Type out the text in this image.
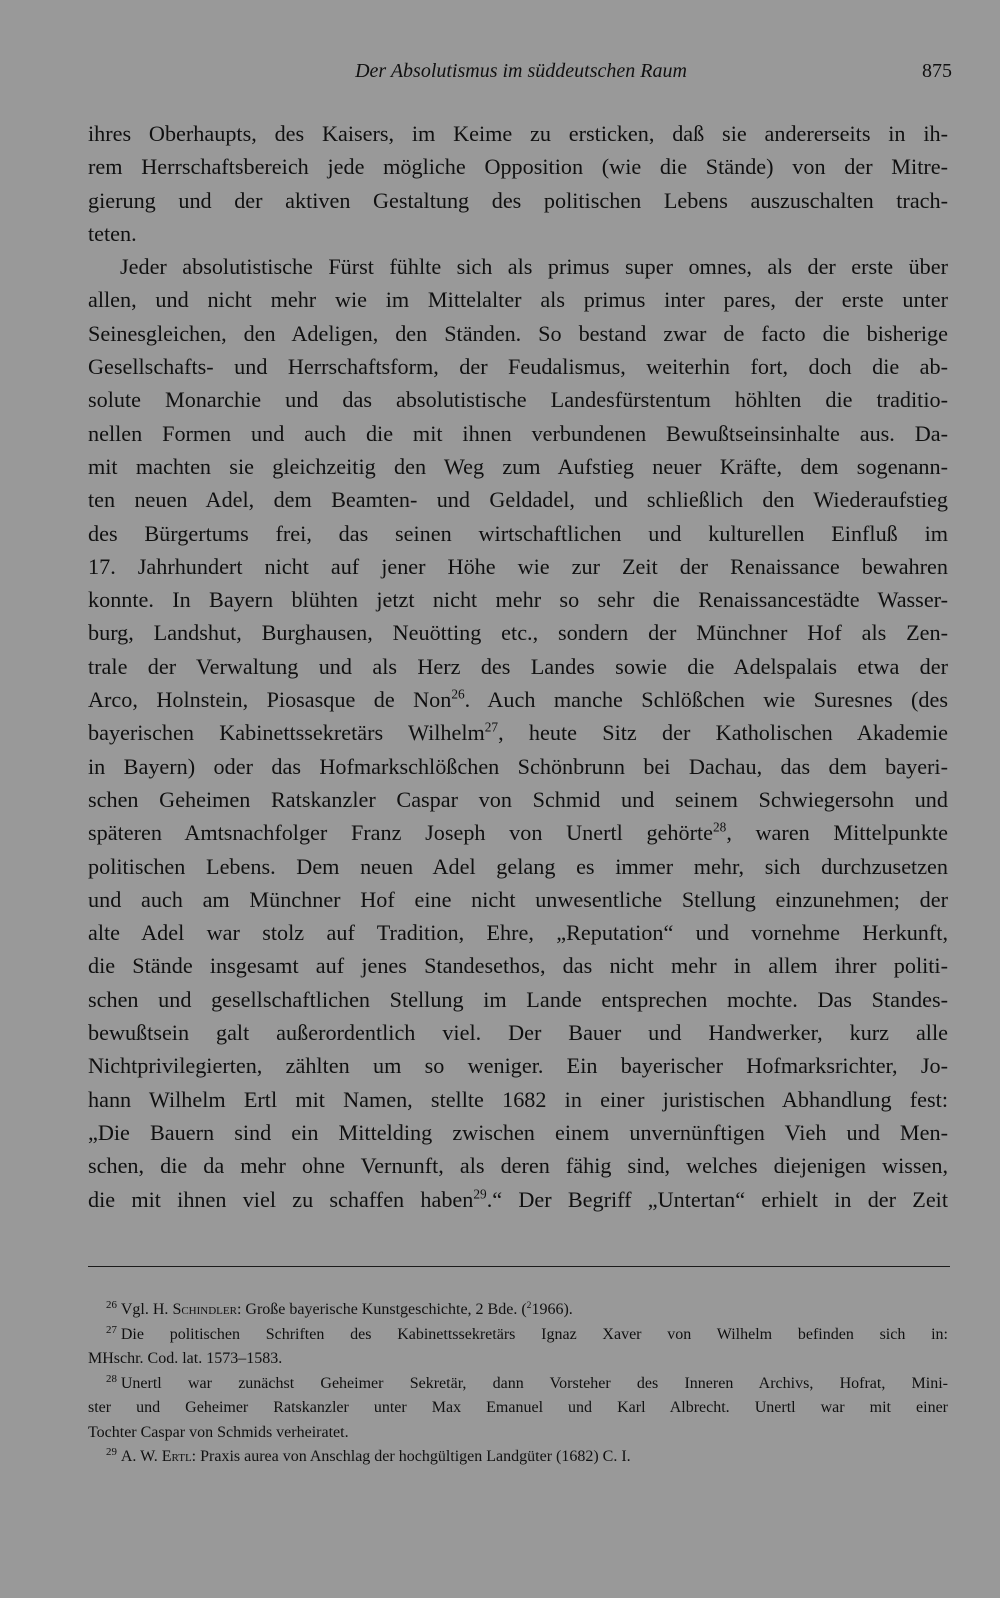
Der Absolutismus im süddeutschen Raum	875
ihres Oberhaupts, des Kaisers, im Keime zu ersticken, daß sie andererseits in ih-
rem Herrschaftsbereich jede mögliche Opposition (wie die Stände) von der Mitre-
gierung und der aktiven Gestaltung des politischen Lebens auszuschalten trach-
teten.
Jeder absolutistische Fürst fühlte sich als primus super omnes, als der erste über
allen, und nicht mehr wie im Mittelalter als primus inter pares, der erste unter
Seinesgleichen, den Adeligen, den Ständen. So bestand zwar de facto die bisherige
Gesellschafts- und Herrschaftsform, der Feudalismus, weiterhin fort, doch die ab-
solute Monarchie und das absolutistische Landesfürstentum höhlten die traditio-
nellen Formen und auch die mit ihnen verbundenen Bewußtseinsinhalte aus. Da-
mit machten sie gleichzeitig den Weg zum Aufstieg neuer Kräfte, dem sogenann-
ten neuen Adel, dem Beamten- und Geldadel, und schließlich den Wiederaufstieg
des Bürgertums frei, das seinen wirtschaftlichen und kulturellen Einfluß im
17. Jahrhundert nicht auf jener Höhe wie zur Zeit der Renaissance bewahren
konnte. In Bayern blühten jetzt nicht mehr so sehr die Renaissancestädte Wasser-
burg, Landshut, Burghausen, Neuötting etc., sondern der Münchner Hof als Zen-
trale der Verwaltung und als Herz des Landes sowie die Adelspalais etwa der
Arco, Holnstein, Piosasque de Non$^{26}$. Auch manche Schlößchen wie Suresnes (des
bayerischen Kabinettssekretärs Wilhelm$^{27}$, heute Sitz der Katholischen Akademie
in Bayern) oder das Hofmarkschlößchen Schönbrunn bei Dachau, das dem bayeri-
schen Geheimen Ratskanzler Caspar von Schmid und seinem Schwiegersohn und
späteren Amtsnachfolger Franz Joseph von Unertl gehörte$^{28}$, waren Mittelpunkte
politischen Lebens. Dem neuen Adel gelang es immer mehr, sich durchzusetzen
und auch am Münchner Hof eine nicht unwesentliche Stellung einzunehmen; der
alte Adel war stolz auf Tradition, Ehre, „Reputation“ und vornehme Herkunft,
die Stände insgesamt auf jenes Standesethos, das nicht mehr in allem ihrer politi-
schen und gesellschaftlichen Stellung im Lande entsprechen mochte. Das Standes-
bewußtsein galt außerordentlich viel. Der Bauer und Handwerker, kurz alle
Nichtprivilegierten, zählten um so weniger. Ein bayerischer Hofmarksrichter, Jo-
hann Wilhelm Ertl mit Namen, stellte 1682 in einer juristischen Abhandlung fest:
„Die Bauern sind ein Mittelding zwischen einem unvernünftigen Vieh und Men-
schen, die da mehr ohne Vernunft, als deren fähig sind, welches diejenigen wissen,
die mit ihnen viel zu schaffen haben$^{29}$.“ Der Begriff „Untertan“ erhielt in der Zeit
$^{26}$ Vgl. H. Schindler: Große bayerische Kunstgeschichte, 2 Bde. ($^2$1966).
$^{27}$ Die politischen Schriften des Kabinettssekretärs Ignaz Xaver von Wilhelm befinden sich in:
MHschr. Cod. lat. 1573–1583.
$^{28}$ Unertl war zunächst Geheimer Sekretär, dann Vorsteher des Inneren Archivs, Hofrat, Mini-
ster und Geheimer Ratskanzler unter Max Emanuel und Karl Albrecht. Unertl war mit einer
Tochter Caspar von Schmids verheiratet.
$^{29}$ A. W. Ertl: Praxis aurea von Anschlag der hochgültigen Landgüter (1682) C. I.
